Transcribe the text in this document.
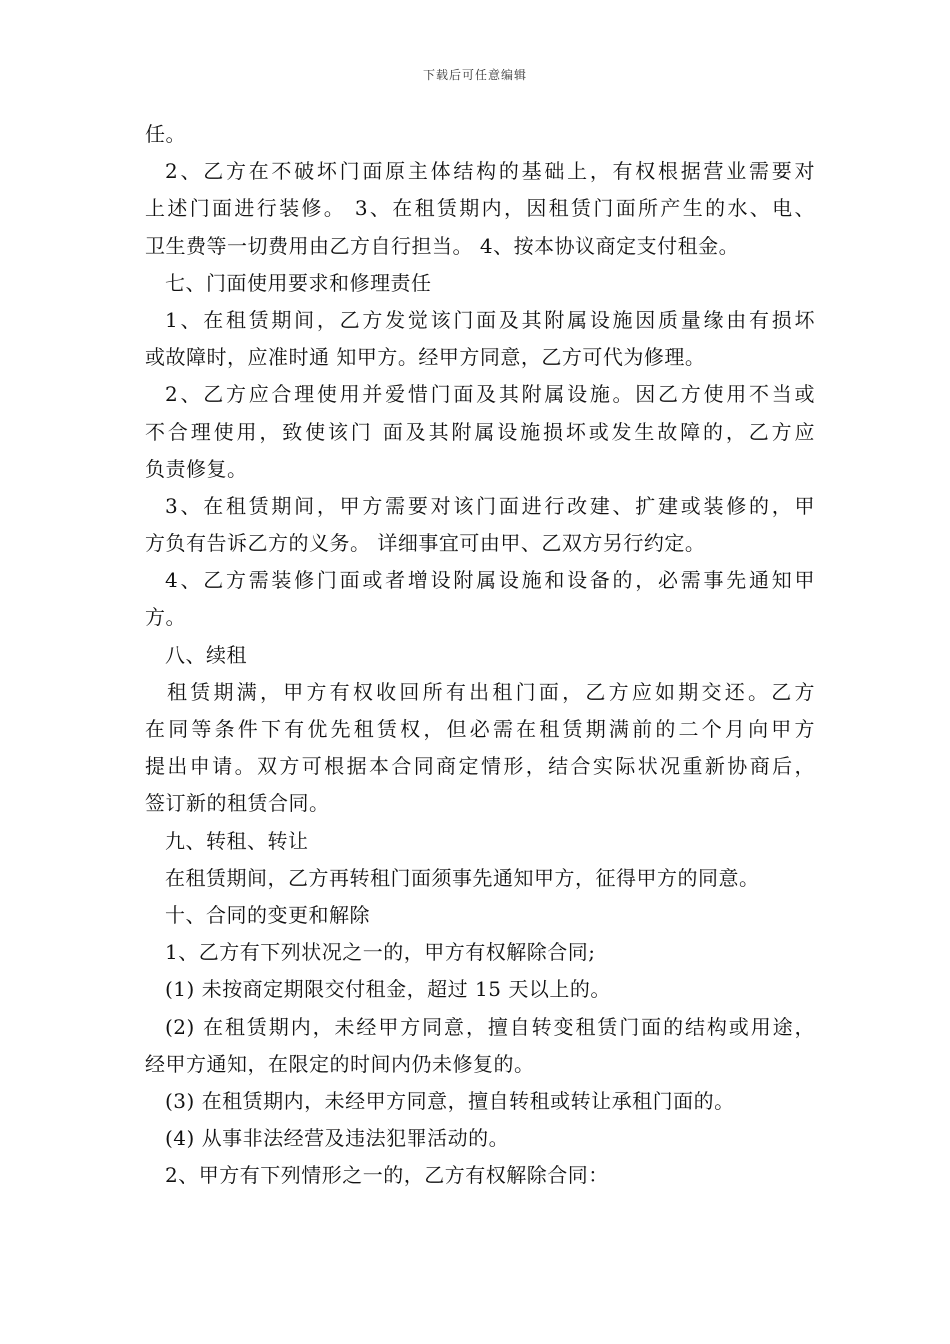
下载后可任意编辑
任。
2、乙方在不破坏门面原主体结构的基础上，有权根据营业需要对
上述门面进行装修。 3、在租赁期内，因租赁门面所产生的水、电、
卫生费等一切费用由乙方自行担当。 4、按本协议商定支付租金。
七、门面使用要求和修理责任
1、在租赁期间，乙方发觉该门面及其附属设施因质量缘由有损坏
或故障时，应准时通 知甲方。经甲方同意，乙方可代为修理。
2、乙方应合理使用并爱惜门面及其附属设施。因乙方使用不当或
不合理使用，致使该门 面及其附属设施损坏或发生故障的，乙方应
负责修复。
3、在租赁期间，甲方需要对该门面进行改建、扩建或装修的，甲
方负有告诉乙方的义务。 详细事宜可由甲、乙双方另行约定。
4、乙方需装修门面或者增设附属设施和设备的，必需事先通知甲
方。
八、续租
租赁期满，甲方有权收回所有出租门面，乙方应如期交还。乙方
在同等条件下有优先租赁权，但必需在租赁期满前的二个月向甲方
提出申请。双方可根据本合同商定情形，结合实际状况重新协商后，
签订新的租赁合同。
九、转租、转让
在租赁期间，乙方再转租门面须事先通知甲方，征得甲方的同意。
十、合同的变更和解除
1、乙方有下列状况之一的，甲方有权解除合同;
(1) 未按商定期限交付租金，超过 15 天以上的。
(2) 在租赁期内，未经甲方同意，擅自转变租赁门面的结构或用途，
经甲方通知，在限定的时间内仍未修复的。
(3) 在租赁期内，未经甲方同意，擅自转租或转让承租门面的。
(4) 从事非法经营及违法犯罪活动的。
2、甲方有下列情形之一的，乙方有权解除合同：
